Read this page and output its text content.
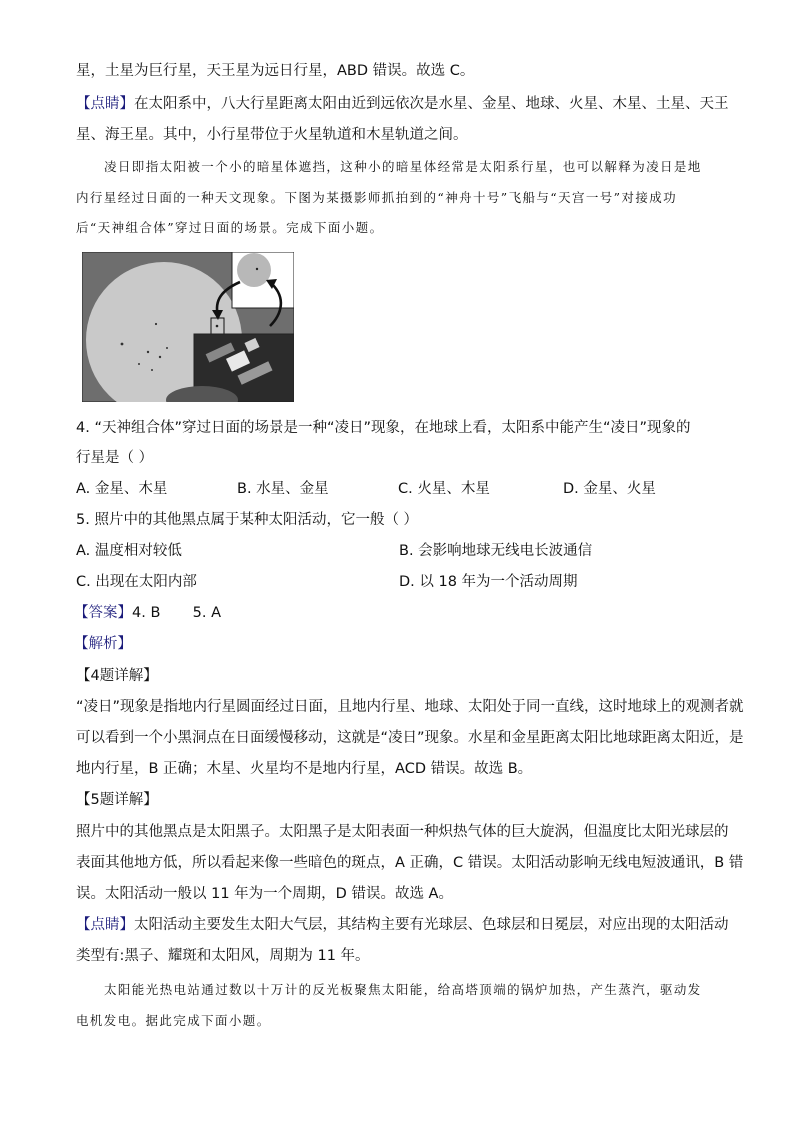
星，土星为巨行星，天王星为远日行星，ABD 错误。故选 C。
【点睛】在太阳系中，八大行星距离太阳由近到远依次是水星、金星、地球、火星、木星、土星、天王
星、海王星。其中，小行星带位于火星轨道和木星轨道之间。
凌日即指太阳被一个小的暗星体遮挡，这种小的暗星体经常是太阳系行星，也可以解释为凌日是地
内行星经过日面的一种天文现象。下图为某摄影师抓拍到的“神舟十号”飞船与“天宫一号”对接成功
后“天神组合体”穿过日面的场景。完成下面小题。
4. “天神组合体”穿过日面的场景是一种“凌日”现象，在地球上看，太阳系中能产生“凌日”现象的
行星是（ ）
A. 金星、木星	B. 水星、金星	C. 火星、木星	D. 金星、火星
5. 照片中的其他黑点属于某种太阳活动，它一般（ ）
A. 温度相对较低	B. 会影响地球无线电长波通信
C. 出现在太阳内部	D. 以 18 年为一个活动周期
【答案】4. B       5. A
【解析】
【4题详解】
“凌日”现象是指地内行星圆面经过日面，且地内行星、地球、太阳处于同一直线，这时地球上的观测者就
可以看到一个小黑洞点在日面缓慢移动，这就是“凌日”现象。水星和金星距离太阳比地球距离太阳近，是
地内行星，B 正确；木星、火星均不是地内行星，ACD 错误。故选 B。
【5题详解】
照片中的其他黑点是太阳黑子。太阳黑子是太阳表面一种炽热气体的巨大旋涡，但温度比太阳光球层的
表面其他地方低，所以看起来像一些暗色的斑点，A 正确，C 错误。太阳活动影响无线电短波通讯，B 错
误。太阳活动一般以 11 年为一个周期，D 错误。故选 A。
【点睛】太阳活动主要发生太阳大气层，其结构主要有光球层、色球层和日冕层，对应出现的太阳活动
类型有:黑子、耀斑和太阳风，周期为 11 年。
太阳能光热电站通过数以十万计的反光板聚焦太阳能，给高塔顶端的锅炉加热，产生蒸汽，驱动发
电机发电。据此完成下面小题。
